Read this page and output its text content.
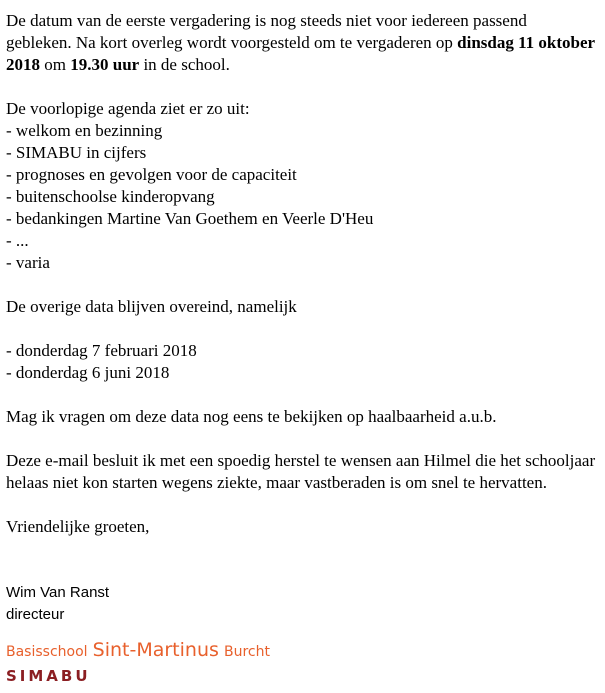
De datum van de eerste vergadering is nog steeds niet voor iedereen passend gebleken. Na kort overleg wordt voorgesteld om te vergaderen op dinsdag 11 oktober 2018 om 19.30 uur in de school.

De voorlopige agenda ziet er zo uit:

- welkom en bezinning

- SIMABU in cijfers

- prognoses en gevolgen voor de capaciteit

- buitenschoolse kinderopvang

- bedankingen Martine Van Goethem en Veerle D'Heu

- ...

- varia

De overige data blijven overeind, namelijk

- donderdag 7 februari 2018

- donderdag 6 juni 2018

Mag ik vragen om deze data nog eens te bekijken op haalbaarheid a.u.b.

Deze e-mail besluit ik met een spoedig herstel te wensen aan Hilmel die het schooljaar helaas niet kon starten wegens ziekte, maar vastberaden is om snel te hervatten.

Vriendelijke groeten,

Wim Van Ranst
directeur
Basisschool Sint-Martinus Burcht
SIMABU
